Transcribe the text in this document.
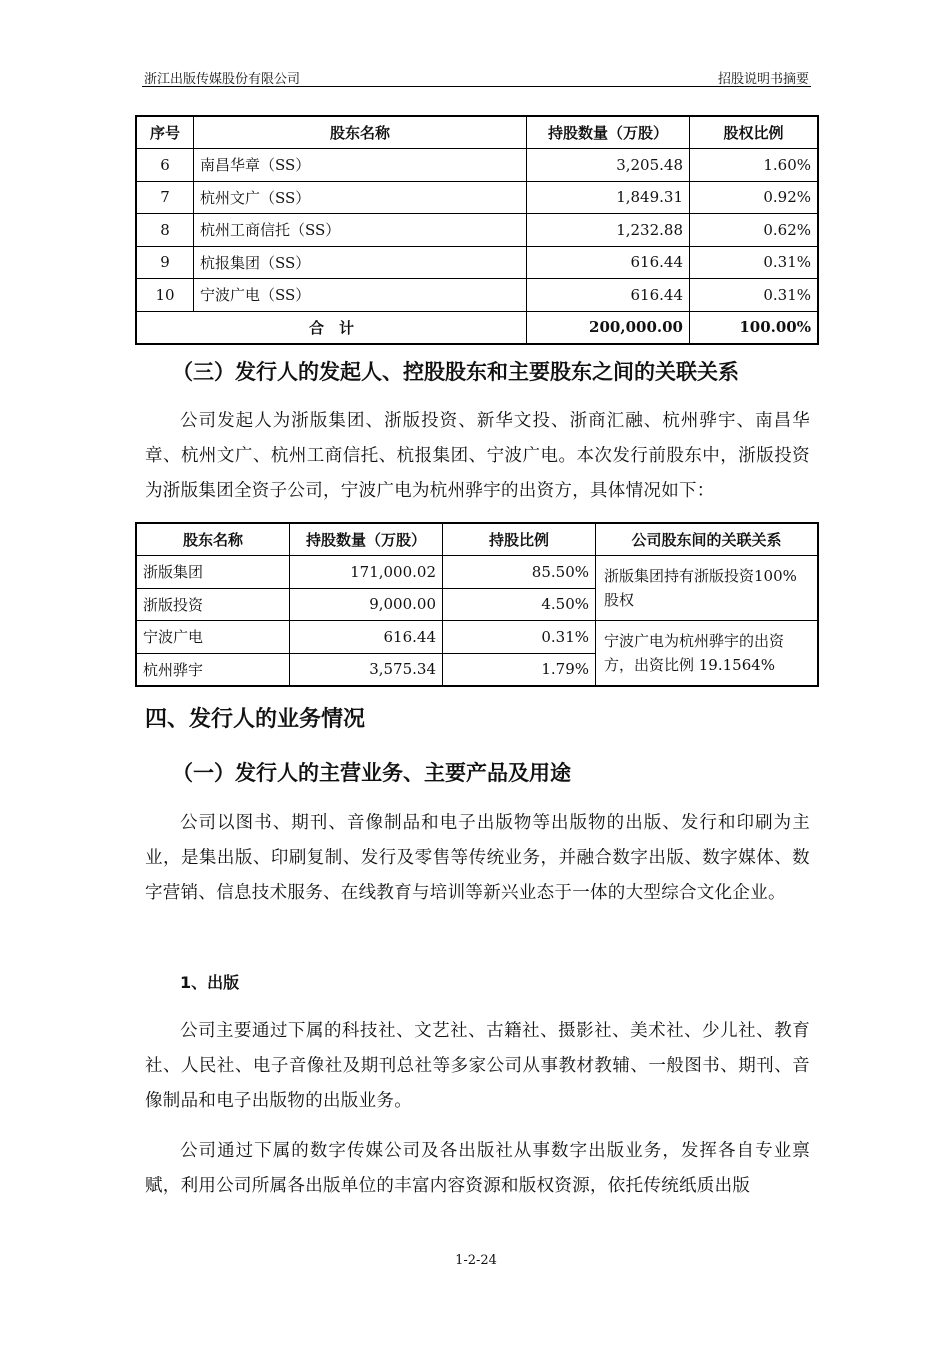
浙江出版传媒股份有限公司	招股说明书摘要
序号	股东名称	持股数量（万股）	股权比例
6	南昌华章（SS）	3,205.48	1.60%
7	杭州文广（SS）	1,849.31	0.92%
8	杭州工商信托（SS）	1,232.88	0.62%
9	杭报集团（SS）	616.44	0.31%
10	宁波广电（SS）	616.44	0.31%
合　计		200,000.00	100.00%
（三）发行人的发起人、控股股东和主要股东之间的关联关系
公司发起人为浙版集团、浙版投资、新华文投、浙商汇融、杭州骅宇、南昌华章、杭州文广、杭州工商信托、杭报集团、宁波广电。本次发行前股东中，浙版投资为浙版集团全资子公司，宁波广电为杭州骅宇的出资方，具体情况如下：
股东名称	持股数量（万股）	持股比例	公司股东间的关联关系
浙版集团	171,000.02	85.50%	浙版集团持有浙版投资100%股权
浙版投资	9,000.00	4.50%	
宁波广电	616.44	0.31%	宁波广电为杭州骅宇的出资方，出资比例 19.1564%
杭州骅宇	3,575.34	1.79%	
四、发行人的业务情况
（一）发行人的主营业务、主要产品及用途
公司以图书、期刊、音像制品和电子出版物等出版物的出版、发行和印刷为主业，是集出版、印刷复制、发行及零售等传统业务，并融合数字出版、数字媒体、数字营销、信息技术服务、在线教育与培训等新兴业态于一体的大型综合文化企业。
1、出版
公司主要通过下属的科技社、文艺社、古籍社、摄影社、美术社、少儿社、教育社、人民社、电子音像社及期刊总社等多家公司从事教材教辅、一般图书、期刊、音像制品和电子出版物的出版业务。
公司通过下属的数字传媒公司及各出版社从事数字出版业务，发挥各自专业禀赋，利用公司所属各出版单位的丰富内容资源和版权资源，依托传统纸质出版
1-2-24
